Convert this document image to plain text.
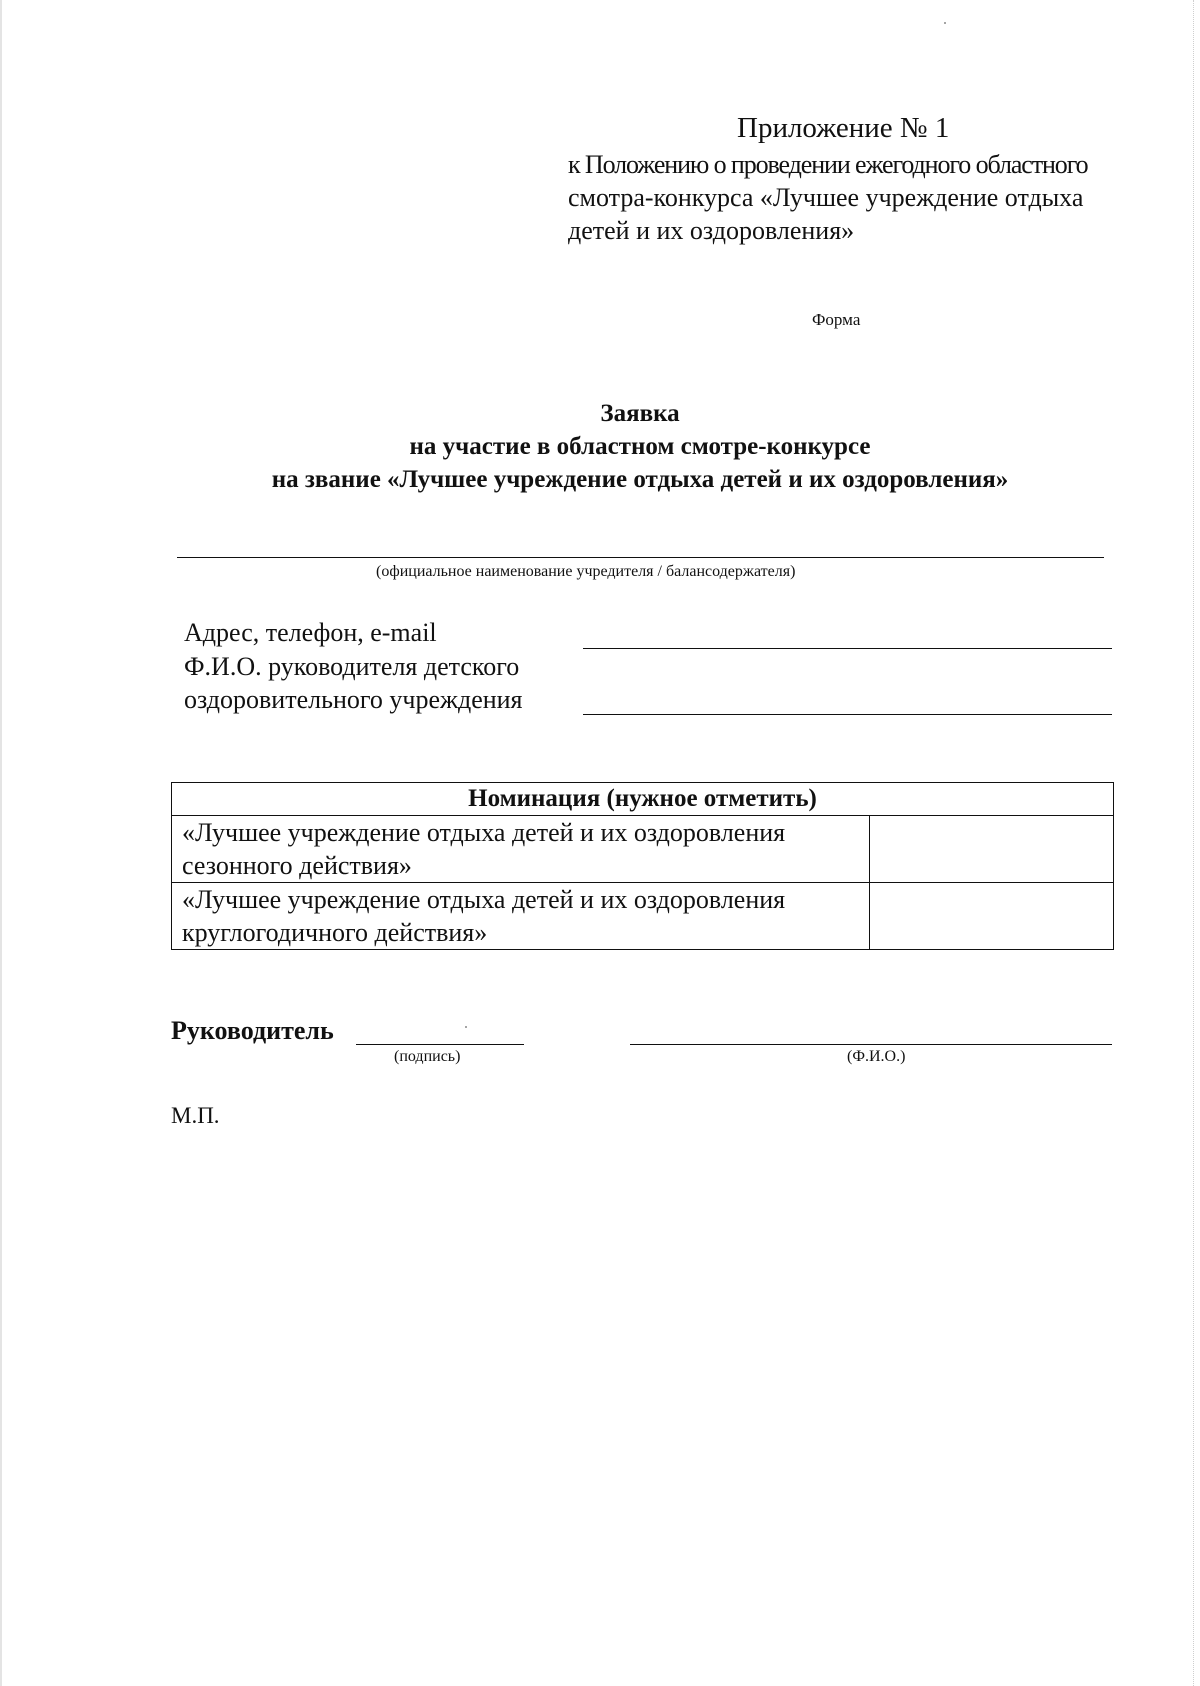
Приложение № 1
к Положению о проведении ежегодного областного
смотра-конкурса «Лучшее учреждение отдыха
детей и их оздоровления»
Форма
Заявка
на участие в областном смотре-конкурсе
на звание «Лучшее учреждение отдыха детей и их оздоровления»
(официальное наименование учредителя / балансодержателя)
Адрес, телефон, e-mail
Ф.И.О. руководителя детского
оздоровительного учреждения
Номинация (нужное отметить)	
«Лучшее учреждение отдыха детей и их оздоровления
сезонного действия»	
«Лучшее учреждение отдыха детей и их оздоровления
круглогодичного действия»	
Руководитель
(подпись)	(Ф.И.О.)
М.П.
